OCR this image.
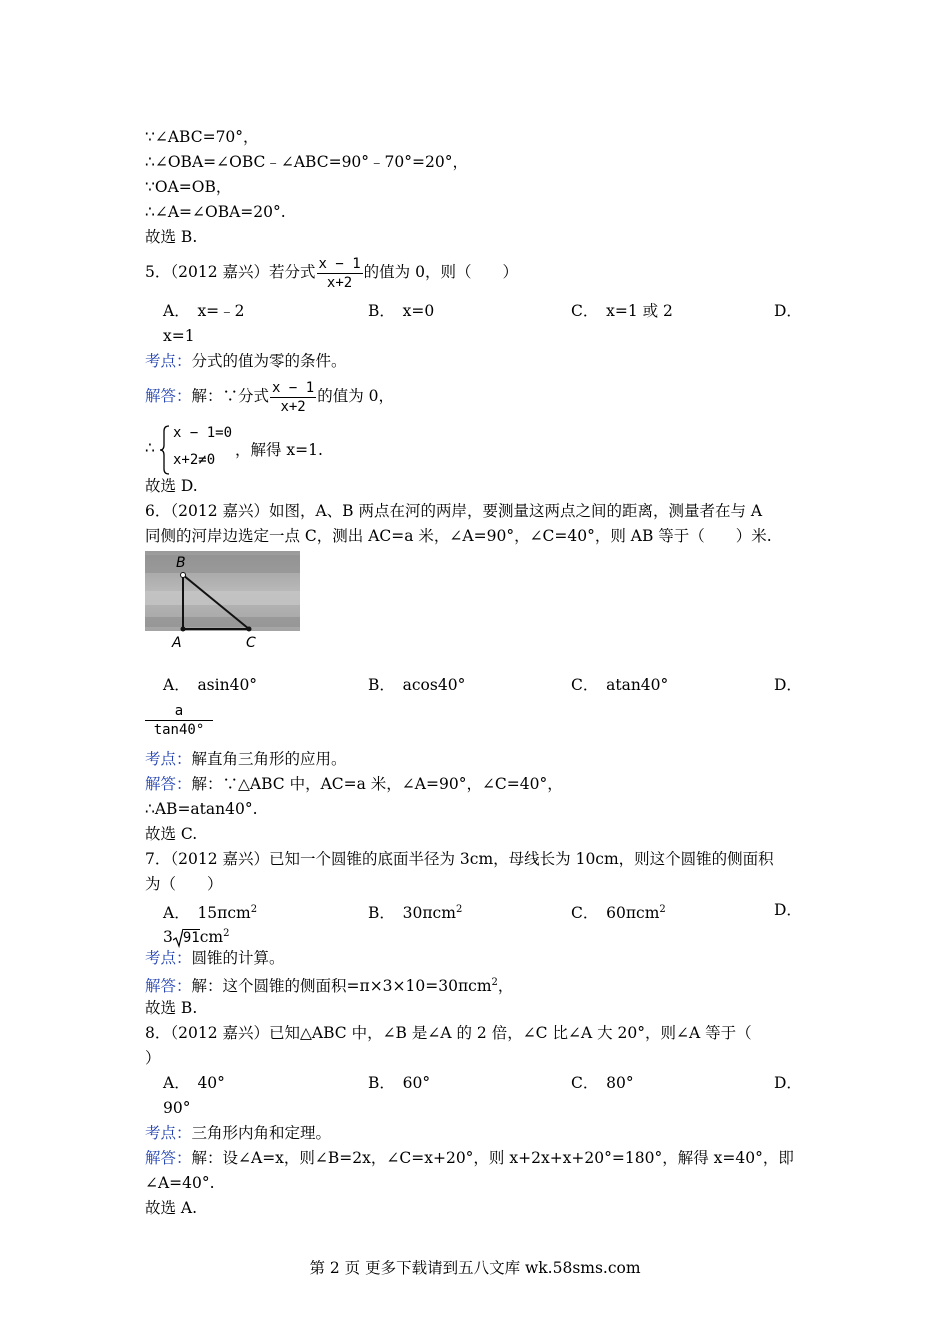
∵∠ABC=70°，
∴∠OBA=∠OBC﹣∠ABC=90°﹣70°=20°，
∵OA=OB，
∴∠A=∠OBA=20°.
故选 B.
5．（2012 嘉兴）若分式 $\frac{x - 1}{x+2}$ 的值为 0，则（　　）
A．　x=﹣2	B．　x=0	C．　x=1 或 2	D．
x=1
考点：分式的值为零的条件。
解答：解：∵分式 $\frac{x - 1}{x+2}$ 的值为 0，
∴
x − 1=0
x+2≠0
，解得 x=1.
故选 D.
6．（2012 嘉兴）如图，A、B 两点在河的两岸，要测量这两点之间的距离，测量者在与 A
同侧的河岸边选定一点 C，测出 AC=a 米，∠A=90°，∠C=40°，则 AB 等于（　　）米.
B
A	C
A．　asin40°	B．　acos40°	C．　atan40°	D．
$\frac{a}{\tan 40^\circ}$
考点：解直角三角形的应用。
解答：解：∵△ABC 中，AC=a 米，∠A=90°，∠C=40°，
∴AB=atan40°.
故选 C.
7．（2012 嘉兴）已知一个圆锥的底面半径为 3cm，母线长为 10cm，则这个圆锥的侧面积
为（　　）
A．　15πcm$^2$	B．　30πcm$^2$	C．　60πcm$^2$	D．
3 $91cm^2$
考点：圆锥的计算。
解答：解：这个圆锥的侧面积=π×3×10=30πcm$^2$，
故选 B.
8．（2012 嘉兴）已知△ABC 中，∠B 是∠A 的 2 倍，∠C 比∠A 大 20°，则∠A 等于（
）
A．　40°	B．　60°	C．　80°	D．
90°
考点：三角形内角和定理。
解答：解：设∠A=x，则∠B=2x，∠C=x+20°，则 x+2x+x+20°=180°，解得 x=40°，即
∠A=40°.
故选 A.
第 2 页 更多下载请到五八文库 wk.58sms.com
